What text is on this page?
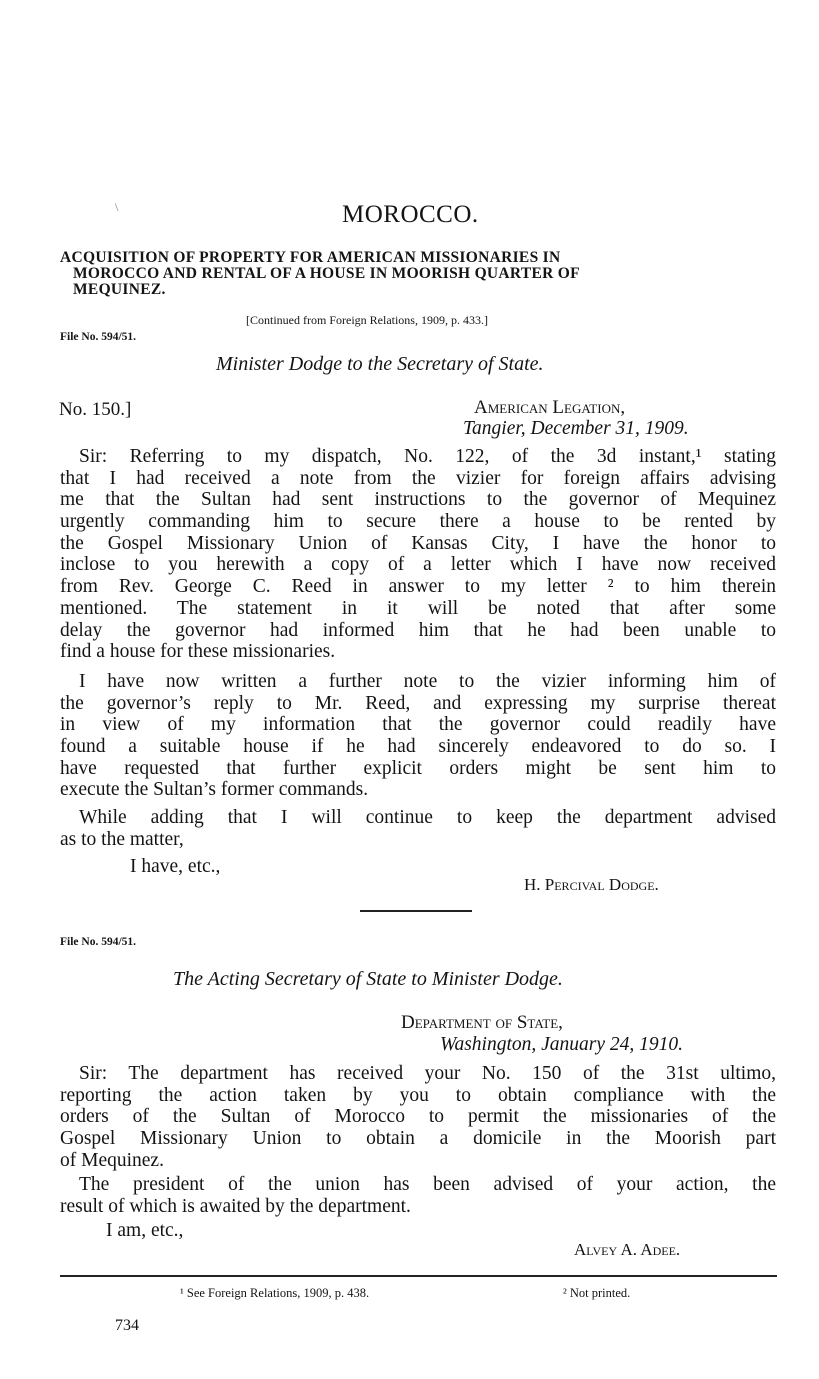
\	MOROCCO.
ACQUISITION OF PROPERTY FOR AMERICAN MISSIONARIES IN
MOROCCO AND RENTAL OF A HOUSE IN MOORISH QUARTER OF
MEQUINEZ.
[Continued from Foreign Relations, 1909, p. 433.]
File No. 594/51.
Minister Dodge to the Secretary of State.
No. 150.]	American Legation,
Tangier, December 31, 1909.
Sir: Referring to my dispatch, No. 122, of the 3d instant,¹ stating
that I had received a note from the vizier for foreign affairs advising
me that the Sultan had sent instructions to the governor of Mequinez
urgently commanding him to secure there a house to be rented by
the Gospel Missionary Union of Kansas City, I have the honor to
inclose to you herewith a copy of a letter which I have now received
from Rev. George C. Reed in answer to my letter ² to him therein
mentioned. The statement in it will be noted that after some
delay the governor had informed him that he had been unable to
find a house for these missionaries.
I have now written a further note to the vizier informing him of
the governor’s reply to Mr. Reed, and expressing my surprise thereat
in view of my information that the governor could readily have
found a suitable house if he had sincerely endeavored to do so. I
have requested that further explicit orders might be sent him to
execute the Sultan’s former commands.
While adding that I will continue to keep the department advised
as to the matter,
I have, etc.,
H. Percival Dodge.
File No. 594/51.
The Acting Secretary of State to Minister Dodge.
Department of State,
Washington, January 24, 1910.
Sir: The department has received your No. 150 of the 31st ultimo,
reporting the action taken by you to obtain compliance with the
orders of the Sultan of Morocco to permit the missionaries of the
Gospel Missionary Union to obtain a domicile in the Moorish part
of Mequinez.
The president of the union has been advised of your action, the
result of which is awaited by the department.
I am, etc.,
Alvey A. Adee.
¹ See Foreign Relations, 1909, p. 438.	² Not printed.
734
